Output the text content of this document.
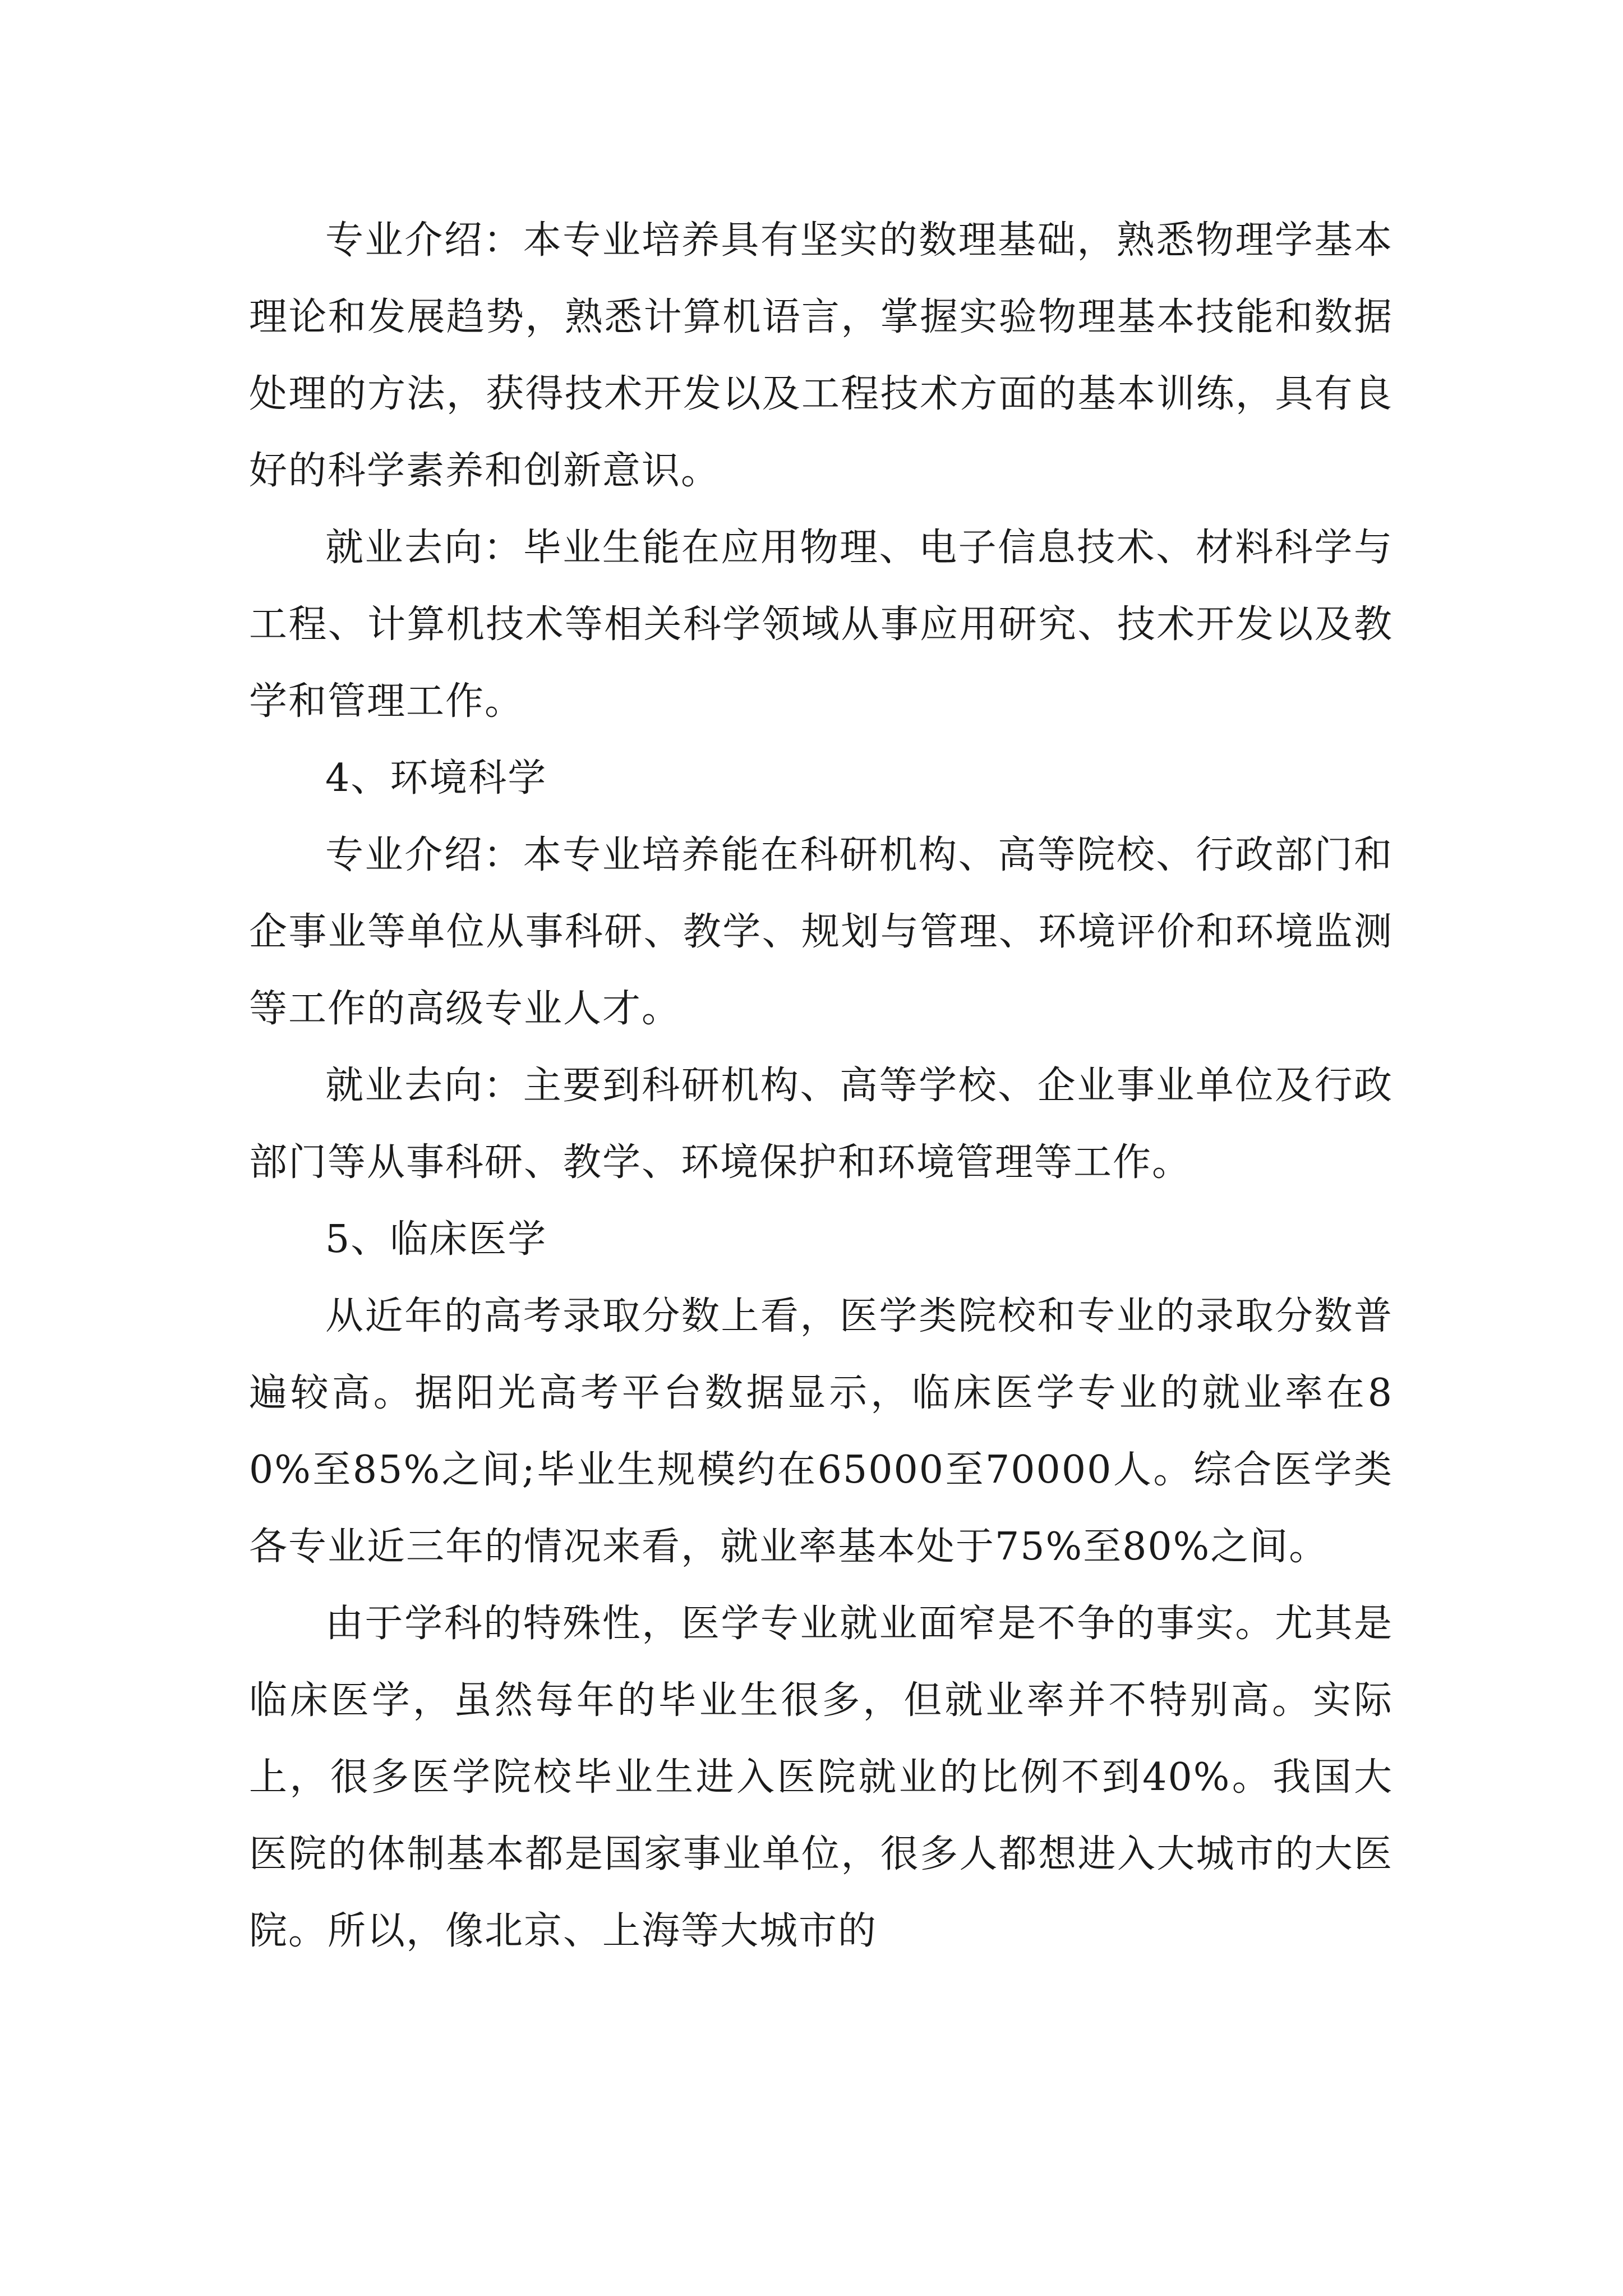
专业介绍：本专业培养具有坚实的数理基础，熟悉物理学基本理论和发展趋势，熟悉计算机语言，掌握实验物理基本技能和数据处理的方法，获得技术开发以及工程技术方面的基本训练，具有良好的科学素养和创新意识。

就业去向：毕业生能在应用物理、电子信息技术、材料科学与工程、计算机技术等相关科学领域从事应用研究、技术开发以及教学和管理工作。

4、环境科学

专业介绍：本专业培养能在科研机构、高等院校、行政部门和企事业等单位从事科研、教学、规划与管理、环境评价和环境监测等工作的高级专业人才。

就业去向：主要到科研机构、高等学校、企业事业单位及行政部门等从事科研、教学、环境保护和环境管理等工作。

5、临床医学

从近年的高考录取分数上看，医学类院校和专业的录取分数普遍较高。据阳光高考平台数据显示，临床医学专业的就业率在80%至85%之间;毕业生规模约在65000至70000人。综合医学类各专业近三年的情况来看，就业率基本处于75%至80%之间。

由于学科的特殊性，医学专业就业面窄是不争的事实。尤其是临床医学，虽然每年的毕业生很多，但就业率并不特别高。实际上，很多医学院校毕业生进入医院就业的比例不到40%。我国大医院的体制基本都是国家事业单位，很多人都想进入大城市的大医院。所以，像北京、上海等大城市的
